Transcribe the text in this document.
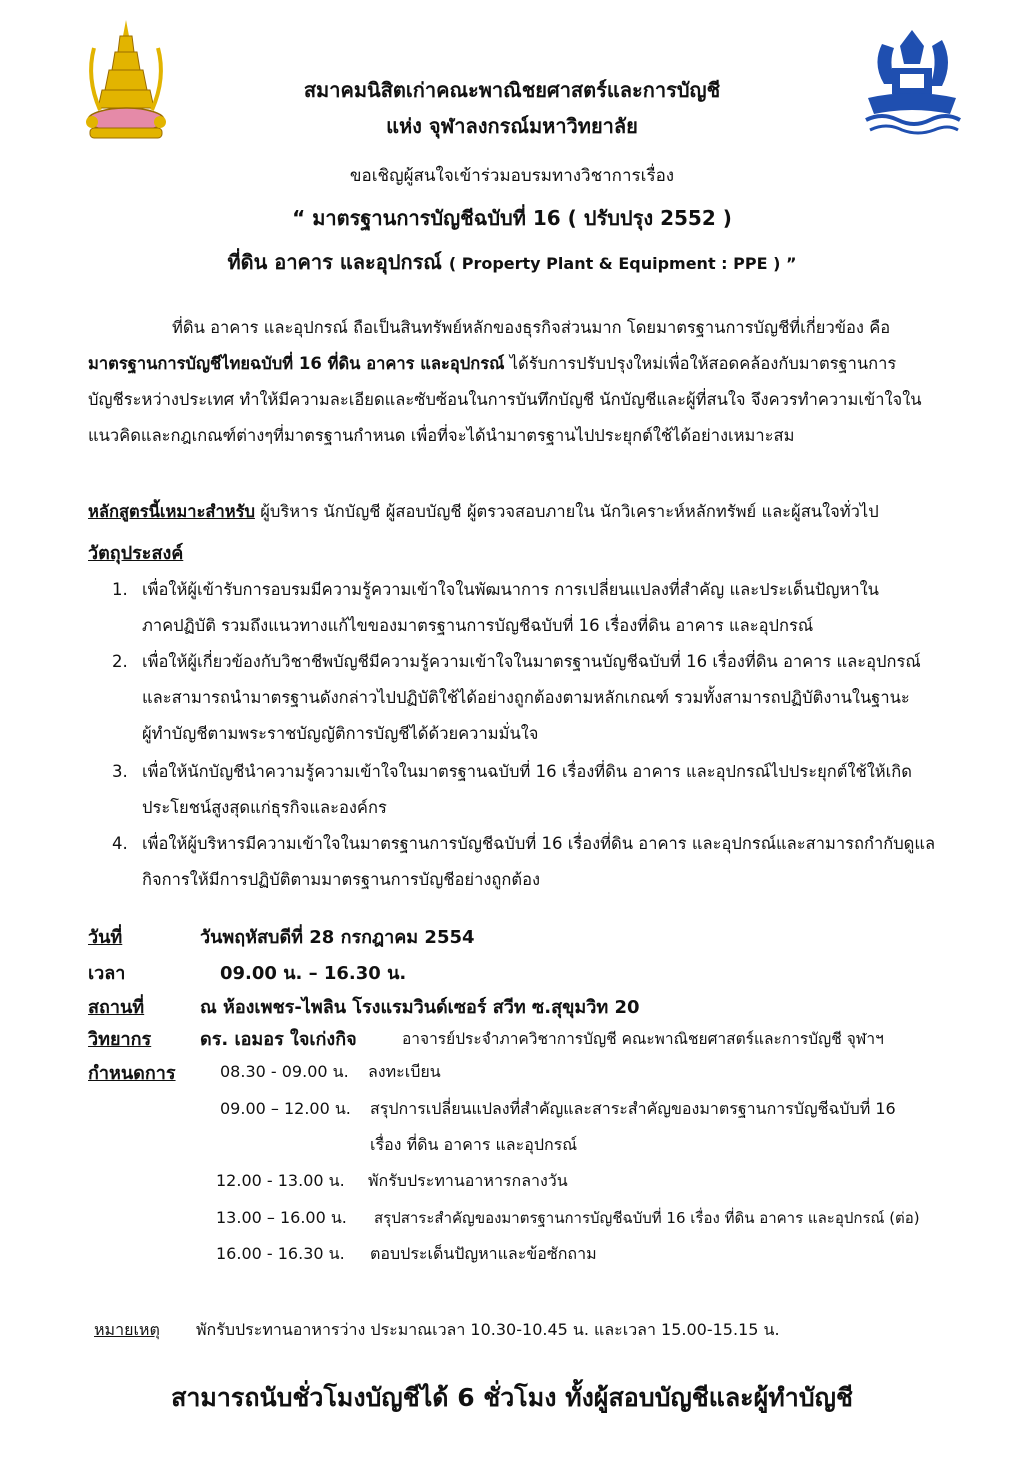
สมาคมนิสิตเก่าคณะพาณิชยศาสตร์และการบัญชี
แห่ง จุฬาลงกรณ์มหาวิทยาลัย
ขอเชิญผู้สนใจเข้าร่วมอบรมทางวิชาการเรื่อง
“ มาตรฐานการบัญชีฉบับที่ 16 ( ปรับปรุง 2552 )
ที่ดิน อาคาร และอุปกรณ์ ( Property Plant & Equipment : PPE ) ”
ที่ดิน อาคาร และอุปกรณ์ ถือเป็นสินทรัพย์หลักของธุรกิจส่วนมาก โดยมาตรฐานการบัญชีที่เกี่ยวข้อง คือ
มาตรฐานการบัญชีไทยฉบับที่ 16 ที่ดิน อาคาร และอุปกรณ์ ได้รับการปรับปรุงใหม่เพื่อให้สอดคล้องกับมาตรฐานการ
บัญชีระหว่างประเทศ ทำให้มีความละเอียดและซับซ้อนในการบันทึกบัญชี นักบัญชีและผู้ที่สนใจ จึงควรทำความเข้าใจใน
แนวคิดและกฎเกณฑ์ต่างๆที่มาตรฐานกำหนด เพื่อที่จะได้นำมาตรฐานไปประยุกต์ใช้ได้อย่างเหมาะสม
หลักสูตรนี้เหมาะสำหรับ ผู้บริหาร นักบัญชี ผู้สอบบัญชี ผู้ตรวจสอบภายใน นักวิเคราะห์หลักทรัพย์ และผู้สนใจทั่วไป
วัตถุประสงค์
1. เพื่อให้ผู้เข้ารับการอบรมมีความรู้ความเข้าใจในพัฒนาการ การเปลี่ยนแปลงที่สำคัญ และประเด็นปัญหาใน
ภาคปฏิบัติ รวมถึงแนวทางแก้ไขของมาตรฐานการบัญชีฉบับที่ 16 เรื่องที่ดิน อาคาร และอุปกรณ์
2. เพื่อให้ผู้เกี่ยวข้องกับวิชาชีพบัญชีมีความรู้ความเข้าใจในมาตรฐานบัญชีฉบับที่ 16 เรื่องที่ดิน อาคาร และอุปกรณ์
และสามารถนำมาตรฐานดังกล่าวไปปฏิบัติใช้ได้อย่างถูกต้องตามหลักเกณฑ์ รวมทั้งสามารถปฏิบัติงานในฐานะ
ผู้ทำบัญชีตามพระราชบัญญัติการบัญชีได้ด้วยความมั่นใจ
3. เพื่อให้นักบัญชีนำความรู้ความเข้าใจในมาตรฐานฉบับที่ 16 เรื่องที่ดิน อาคาร และอุปกรณ์ไปประยุกต์ใช้ให้เกิด
ประโยชน์สูงสุดแก่ธุรกิจและองค์กร
4. เพื่อให้ผู้บริหารมีความเข้าใจในมาตรฐานการบัญชีฉบับที่ 16 เรื่องที่ดิน อาคาร และอุปกรณ์และสามารถกำกับดูแล
กิจการให้มีการปฏิบัติตามมาตรฐานการบัญชีอย่างถูกต้อง
วันที่	วันพฤหัสบดีที่ 28 กรกฎาคม 2554
เวลา	09.00 น. – 16.30 น.
สถานที่	ณ ห้องเพชร-ไพลิน โรงแรมวินด์เซอร์ สวีท ซ.สุขุมวิท 20
วิทยากร	ดร. เอมอร ใจเก่งกิจ	อาจารย์ประจำภาควิชาการบัญชี คณะพาณิชยศาสตร์และการบัญชี จุฬาฯ
กำหนดการ	08.30 - 09.00 น. ลงทะเบียน
09.00 – 12.00 น. สรุปการเปลี่ยนแปลงที่สำคัญและสาระสำคัญของมาตรฐานการบัญชีฉบับที่ 16
เรื่อง ที่ดิน อาคาร และอุปกรณ์
12.00 - 13.00 น. พักรับประทานอาหารกลางวัน
13.00 – 16.00 น. สรุปสาระสำคัญของมาตรฐานการบัญชีฉบับที่ 16 เรื่อง ที่ดิน อาคาร และอุปกรณ์ (ต่อ)
16.00 - 16.30 น. ตอบประเด็นปัญหาและข้อซักถาม
หมายเหตุ พักรับประทานอาหารว่าง ประมาณเวลา 10.30-10.45 น. และเวลา 15.00-15.15 น.
สามารถนับชั่วโมงบัญชีได้ 6 ชั่วโมง ทั้งผู้สอบบัญชีและผู้ทำบัญชี
